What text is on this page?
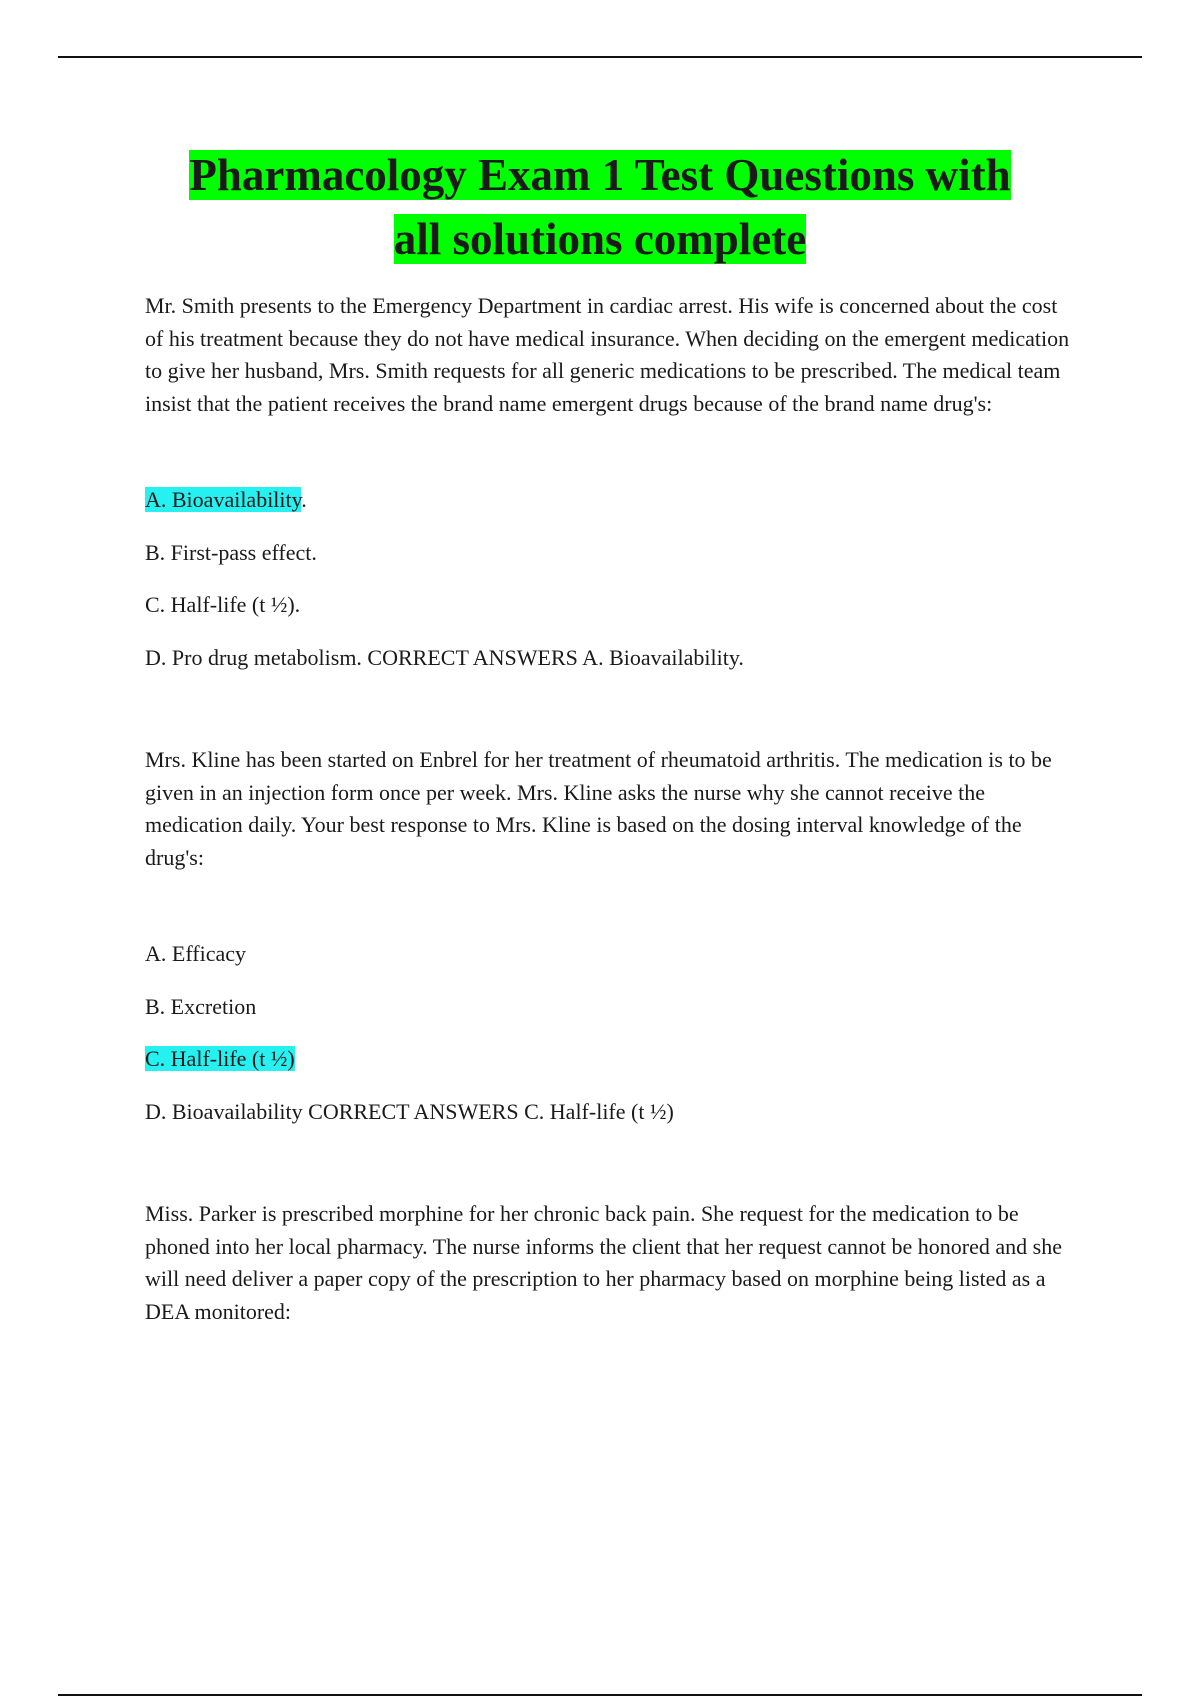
Pharmacology Exam 1 Test Questions with
all solutions complete

Mr. Smith presents to the Emergency Department in cardiac arrest. His wife is concerned about the cost of his treatment because they do not have medical insurance. When deciding on the emergent medication to give her husband, Mrs. Smith requests for all generic medications to be prescribed. The medical team insist that the patient receives the brand name emergent drugs because of the brand name drug's:

A. Bioavailability.

B. First-pass effect.

C. Half-life (t ½).

D. Pro drug metabolism. CORRECT ANSWERS A. Bioavailability.

Mrs. Kline has been started on Enbrel for her treatment of rheumatoid arthritis. The medication is to be given in an injection form once per week. Mrs. Kline asks the nurse why she cannot receive the medication daily. Your best response to Mrs. Kline is based on the dosing interval knowledge of the drug's:

A. Efficacy

B. Excretion

C. Half-life (t ½)

D. Bioavailability CORRECT ANSWERS C. Half-life (t ½)

Miss. Parker is prescribed morphine for her chronic back pain. She request for the medication to be phoned into her local pharmacy. The nurse informs the client that her request cannot be honored and she will need deliver a paper copy of the prescription to her pharmacy based on morphine being listed as a DEA monitored:
